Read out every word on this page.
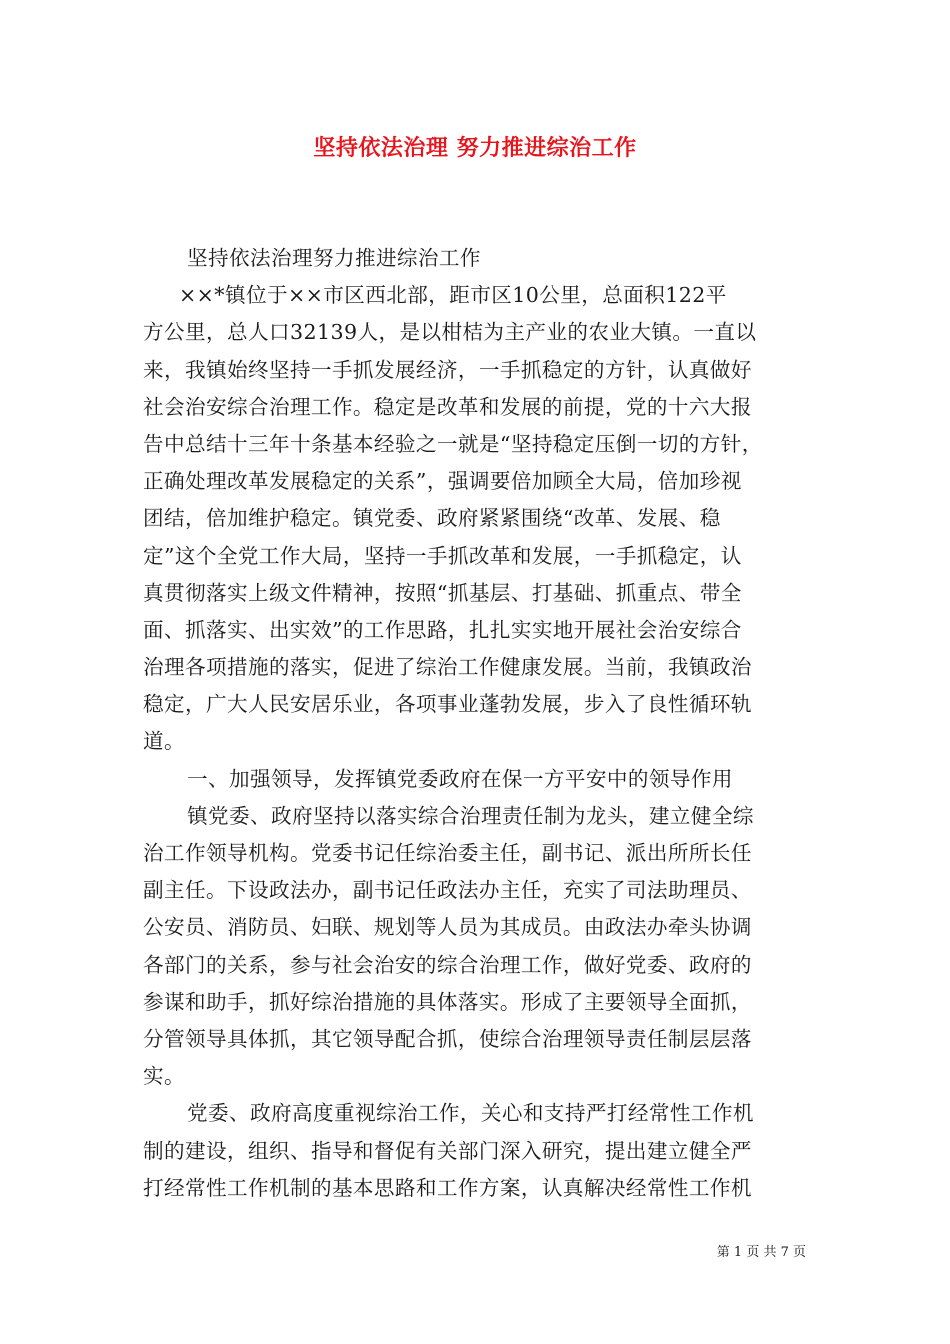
坚持依法治理 努力推进综治工作
坚持依法治理努力推进综治工作
××*镇位于××市区西北部，距市区10公里，总面积122平
方公里，总人口32139人，是以柑桔为主产业的农业大镇。一直以
来，我镇始终坚持一手抓发展经济，一手抓稳定的方针，认真做好
社会治安综合治理工作。稳定是改革和发展的前提，党的十六大报
告中总结十三年十条基本经验之一就是“坚持稳定压倒一切的方针，
正确处理改革发展稳定的关系”，强调要倍加顾全大局，倍加珍视
团结，倍加维护稳定。镇党委、政府紧紧围绕“改革、发展、稳
定”这个全党工作大局，坚持一手抓改革和发展，一手抓稳定，认
真贯彻落实上级文件精神，按照“抓基层、打基础、抓重点、带全
面、抓落实、出实效”的工作思路，扎扎实实地开展社会治安综合
治理各项措施的落实，促进了综治工作健康发展。当前，我镇政治
稳定，广大人民安居乐业，各项事业蓬勃发展，步入了良性循环轨
道。
一、加强领导，发挥镇党委政府在保一方平安中的领导作用
镇党委、政府坚持以落实综合治理责任制为龙头，建立健全综
治工作领导机构。党委书记任综治委主任，副书记、派出所所长任
副主任。下设政法办，副书记任政法办主任，充实了司法助理员、
公安员、消防员、妇联、规划等人员为其成员。由政法办牵头协调
各部门的关系，参与社会治安的综合治理工作，做好党委、政府的
参谋和助手，抓好综治措施的具体落实。形成了主要领导全面抓，
分管领导具体抓，其它领导配合抓，使综合治理领导责任制层层落
实。
党委、政府高度重视综治工作，关心和支持严打经常性工作机
制的建设，组织、指导和督促有关部门深入研究，提出建立健全严
打经常性工作机制的基本思路和工作方案，认真解决经常性工作机
第 1 页 共 7 页
